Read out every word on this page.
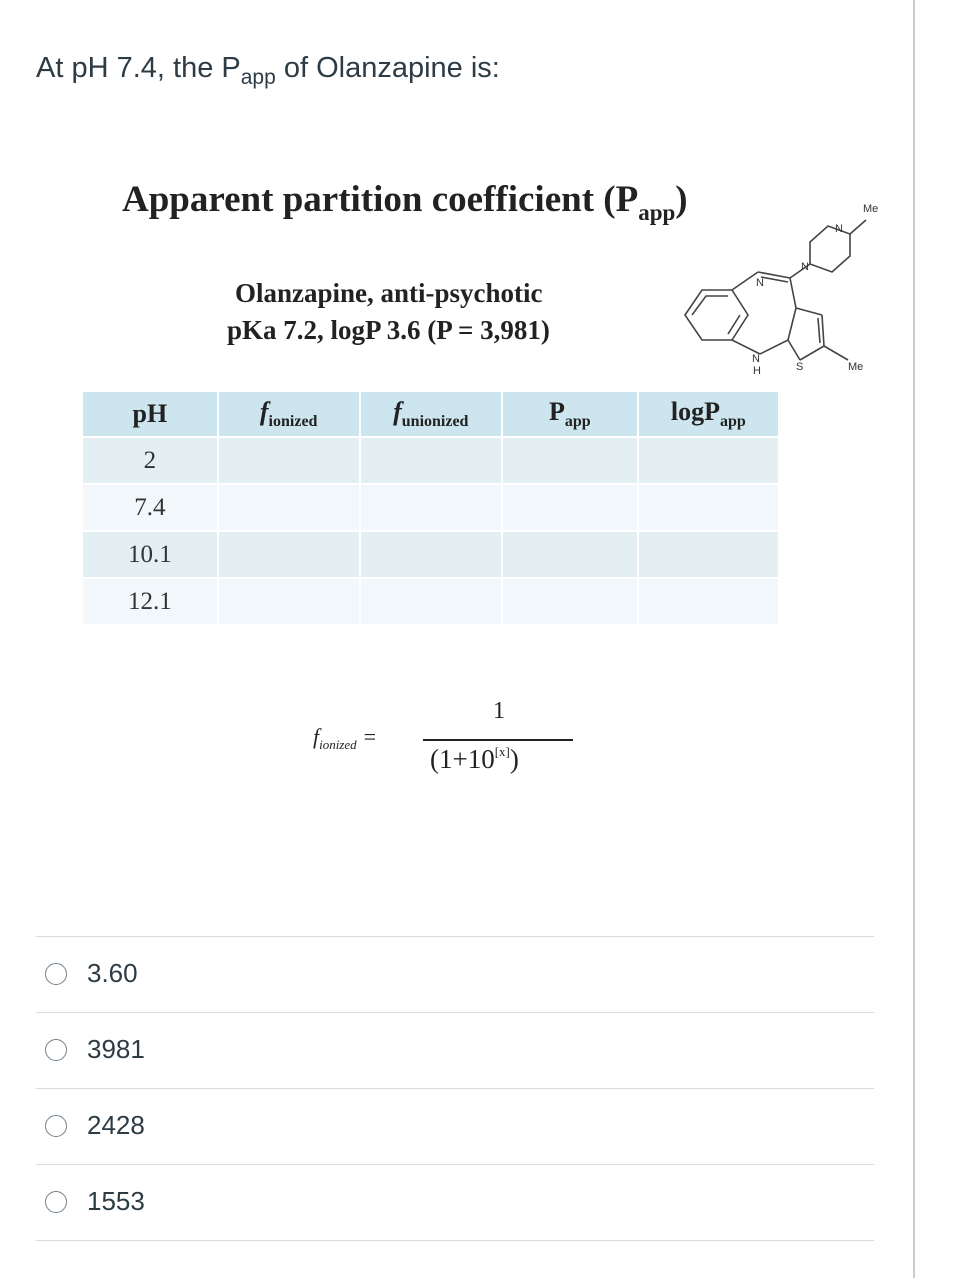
At pH 7.4, the $P_{app}$ of Olanzapine is:
Apparent partition coefficient $(P_{app})$
Olanzapine, anti-psychotic
pKa 7.2, logP 3.6 (P = 3,981)
Me
N
N
N
N
H	S	Me
pH	$f_{ionized}$	$f_{unionized}$	$P_{app}$	logP$_{app}$
2				
7.4				
10.1				
12.1				
$f_{ionized}$ =
1
(1+10[x])
3.60
3981
2428
1553
